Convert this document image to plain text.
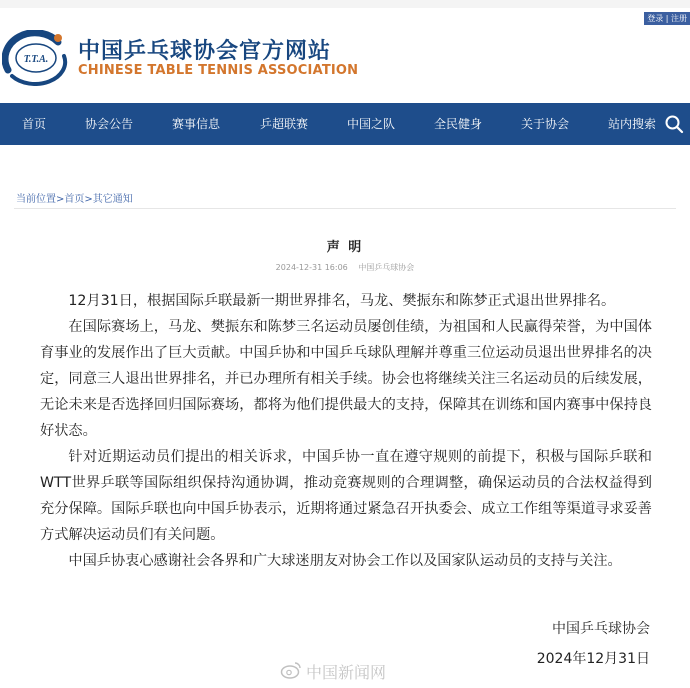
登录 | 注册
T.T.A. 中国乒乓球协会官方网站
CHINESE TABLE TENNIS ASSOCIATION
首页	协会公告	赛事信息	乒超联赛	中国之队	全民健身	关于协会	站内搜索
当前位置>首页>其它通知
声 明
2024-12-31 16:06 中国乒乓球协会

12月31日，根据国际乒联最新一期世界排名，马龙、樊振东和陈梦正式退出世界排名。

在国际赛场上，马龙、樊振东和陈梦三名运动员屡创佳绩，为祖国和人民赢得荣誉，为中国体育事业的发展作出了巨大贡献。中国乒协和中国乒乓球队理解并尊重三位运动员退出世界排名的决定，同意三人退出世界排名，并已办理所有相关手续。协会也将继续关注三名运动员的后续发展，无论未来是否选择回归国际赛场，都将为他们提供最大的支持，保障其在训练和国内赛事中保持良好状态。

针对近期运动员们提出的相关诉求，中国乒协一直在遵守规则的前提下，积极与国际乒联和WTT世界乒联等国际组织保持沟通协调，推动竞赛规则的合理调整，确保运动员的合法权益得到充分保障。国际乒联也向中国乒协表示，近期将通过紧急召开执委会、成立工作组等渠道寻求妥善方式解决运动员们有关问题。

中国乒协衷心感谢社会各界和广大球迷朋友对协会工作以及国家队运动员的支持与关注。

中国乒乓球协会
2024年12月31日
中国新闻网
